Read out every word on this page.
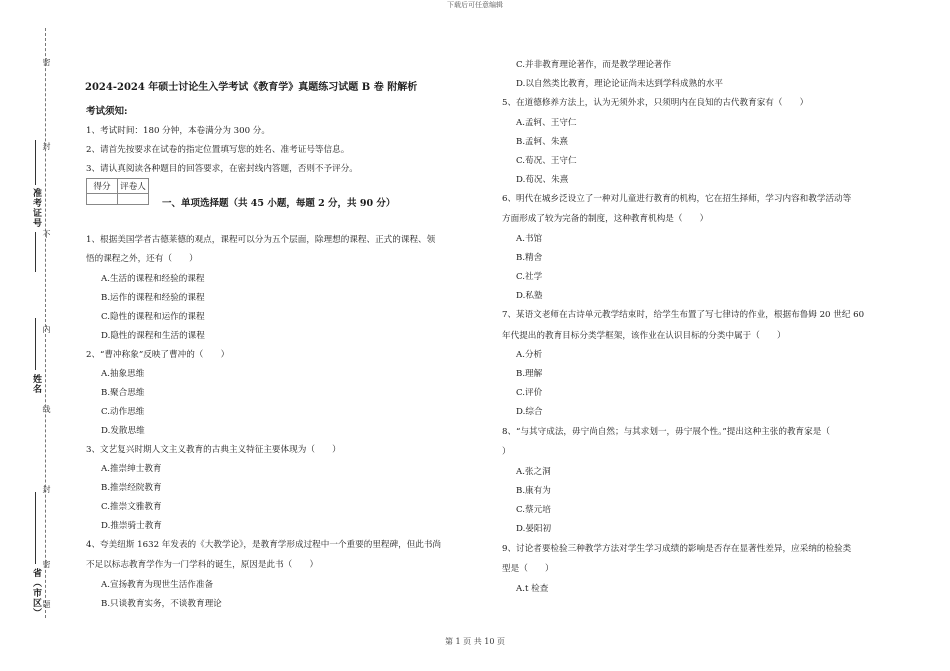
下载后可任意编辑
密
封
不
内
线
封
密
题
准考证号
姓名
省（市区）
2024-2024 年硕士讨论生入学考试《教育学》真题练习试题 B 卷 附解析
考试须知:
1、考试时间：180 分钟，本卷满分为 300 分。
2、请首先按要求在试卷的指定位置填写您的姓名、准考证号等信息。
3、请认真阅读各种题目的回答要求，在密封线内答题，否则不予评分。
得分	评卷人

一、单项选择题（共 45 小题，每题 2 分，共 90 分）
1、根据美国学者古德莱德的观点，课程可以分为五个层面，除理想的课程、正式的课程、领
悟的课程之外，还有（　　）
A.生活的课程和经验的课程
B.运作的课程和经验的课程
C.隐性的课程和运作的课程
D.隐性的课程和生活的课程
2、“曹冲称象”反映了曹冲的（　　）
A.抽象思维
B.聚合思维
C.动作思维
D.发散思维
3、文艺复兴时期人文主义教育的古典主义特征主要体现为（　　）
A.推崇绅士教育
B.推崇经院教育
C.推崇文雅教育
D.推崇骑士教育
4、夸美纽斯 1632 年发表的《大教学论》，是教育学形成过程中一个重要的里程碑，但此书尚
不足以标志教育学作为一门学科的诞生，原因是此书（　　）
A.宣扬教育为现世生活作准备
B.只谈教育实务，不谈教育理论
C.并非教育理论著作，而是教学理论著作
D.以自然类比教育，理论论证尚未达到学科成熟的水平
5、在道德修养方法上，认为无须外求，只须明内在良知的古代教育家有（　　）
A.孟轲、王守仁
B.孟轲、朱熹
C.荀况、王守仁
D.荀况、朱熹
6、明代在城乡泛设立了一种对儿童进行教育的机构，它在招生择师，学习内容和教学活动等
方面形成了较为完备的制度，这种教育机构是（　　）
A.书馆
B.精舍
C.社学
D.私塾
7、某语文老师在古诗单元教学结束时，给学生布置了写七律诗的作业，根据布鲁姆 20 世纪 60
年代提出的教育目标分类学框架，该作业在认识目标的分类中属于（　　）
A.分析
B.理解
C.评价
D.综合
8、“与其守成法，毋宁尚自然；与其求划一，毋宁展个性。”提出这种主张的教育家是（
）
A.张之洞
B.康有为
C.蔡元培
D.晏阳初
9、讨论者要检验三种教学方法对学生学习成绩的影响是否存在显著性差异，应采纳的检验类
型是（　　）
A.t 检查
第 1 页 共 10 页
